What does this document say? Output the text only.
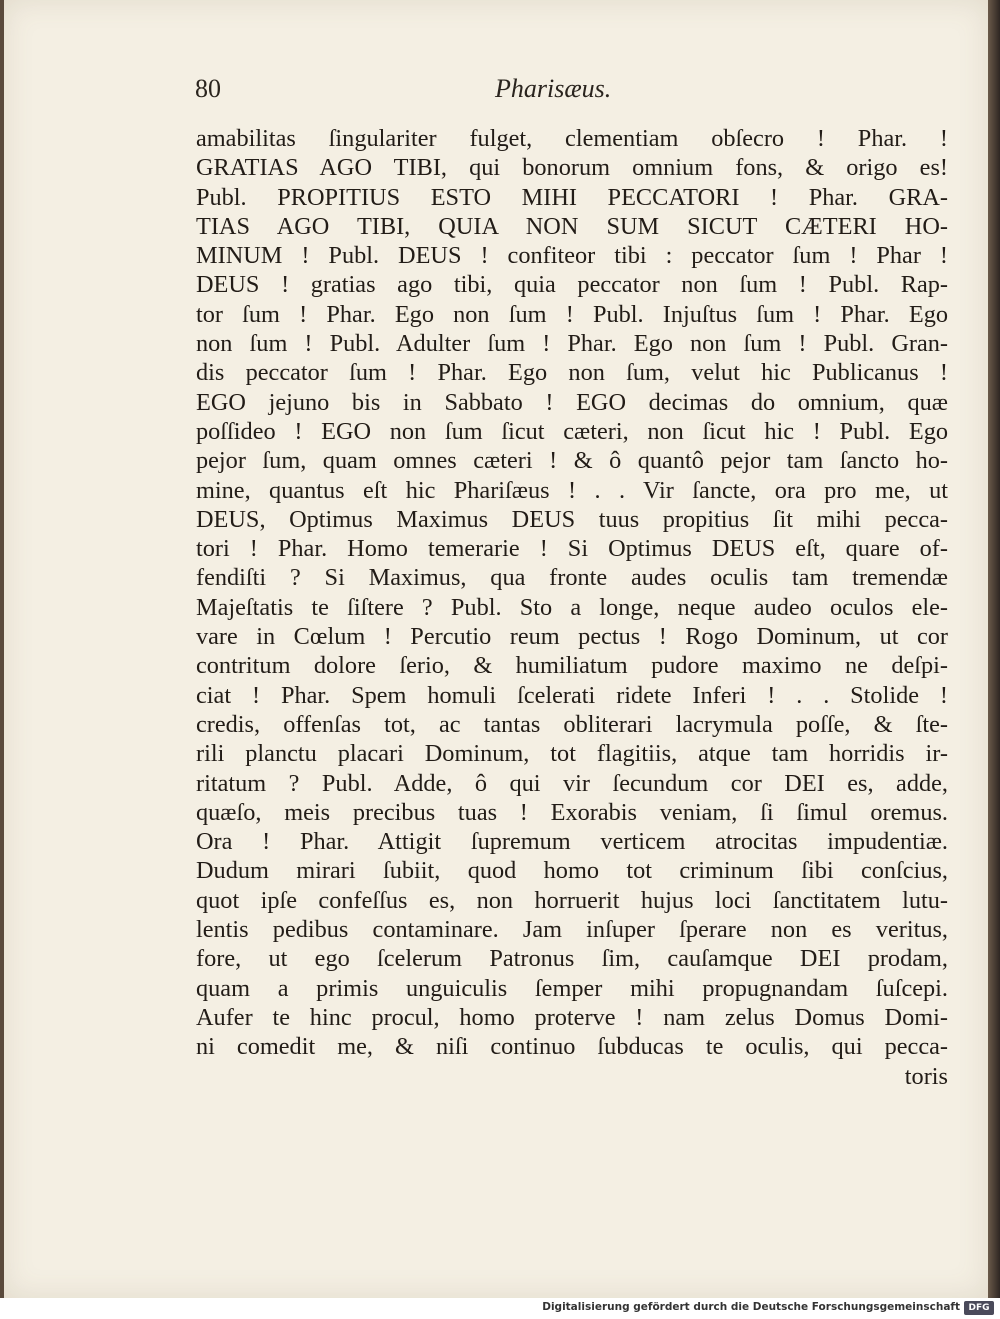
80	Pharisæus.
amabilitas ſingulariter fulget, clementiam obſecro ! Phar. !
GRATIAS AGO TIBI, qui bonorum omnium fons, & origo es!
Publ. PROPITIUS ESTO MIHI PECCATORI ! Phar. GRA-
TIAS AGO TIBI, QUIA NON SUM SICUT CÆTERI HO-
MINUM ! Publ. DEUS ! confiteor tibi : peccator ſum ! Phar !
DEUS ! gratias ago tibi, quia peccator non ſum ! Publ. Rap-
tor ſum ! Phar. Ego non ſum ! Publ. Injuſtus ſum ! Phar. Ego
non ſum ! Publ. Adulter ſum ! Phar. Ego non ſum ! Publ. Gran-
dis peccator ſum ! Phar. Ego non ſum, velut hic Publicanus !
EGO jejuno bis in Sabbato ! EGO decimas do omnium, quæ
poſſideo ! EGO non ſum ſicut cæteri, non ſicut hic ! Publ. Ego
pejor ſum, quam omnes cæteri ! & ô quantô pejor tam ſancto ho-
mine, quantus eſt hic Phariſæus ! . . Vir ſancte, ora pro me, ut
DEUS, Optimus Maximus DEUS tuus propitius ſit mihi pecca-
tori ! Phar. Homo temerarie ! Si Optimus DEUS eſt, quare of-
fendiſti ? Si Maximus, qua fronte audes oculis tam tremendæ
Majeſtatis te ſiſtere ? Publ. Sto a longe, neque audeo oculos ele-
vare in Cœlum ! Percutio reum pectus ! Rogo Dominum, ut cor
contritum dolore ſerio, & humiliatum pudore maximo ne deſpi-
ciat ! Phar. Spem homuli ſcelerati ridete Inferi ! . . Stolide !
credis, offenſas tot, ac tantas obliterari lacrymula poſſe, & ſte-
rili planctu placari Dominum, tot flagitiis, atque tam horridis ir-
ritatum ? Publ. Adde, ô qui vir ſecundum cor DEI es, adde,
quæſo, meis precibus tuas ! Exorabis veniam, ſi ſimul oremus.
Ora ! Phar. Attigit ſupremum verticem atrocitas impudentiæ.
Dudum mirari ſubiit, quod homo tot criminum ſibi conſcius,
quot ipſe confeſſus es, non horruerit hujus loci ſanctitatem lutu-
lentis pedibus contaminare. Jam inſuper ſperare non es veritus,
fore, ut ego ſcelerum Patronus ſim, cauſamque DEI prodam,
quam a primis unguiculis ſemper mihi propugnandam ſuſcepi.
Aufer te hinc procul, homo proterve ! nam zelus Domus Domi-
ni comedit me, & niſi continuo ſubducas te oculis, qui pecca-
toris
Digitalisierung gefördert durch die Deutsche Forschungsgemeinschaft DFG
